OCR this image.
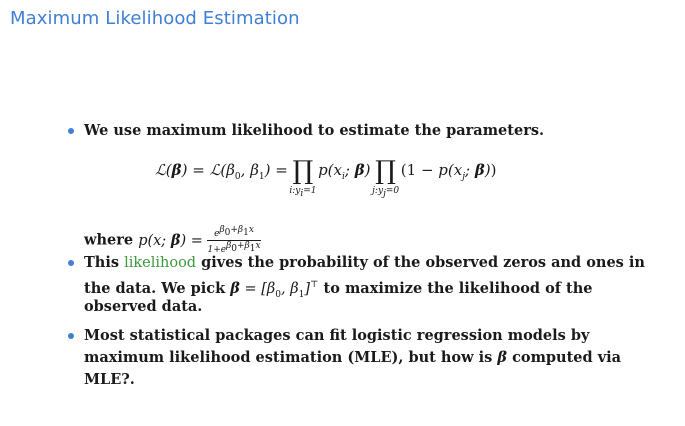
Maximum Likelihood Estimation
We use maximum likelihood to estimate the parameters.
ℒ(β) = $ℒ(\beta_0$, $\beta_1$) = ∏
$i:y_i=1$
$p(x_i$; β) ∏
$j:y_j=0$
($1 - p(x_j$; β))
where p(x; $\beta) = \frac{e^{\beta_0+\beta_1x}}{1+e^{\beta_0+\beta_1x}}$
This likelihood gives the probability of the observed zeros and ones in
the data. We pick $\beta = [\beta_0$, $\beta_1]^⊤$ to maximize the likelihood of the
observed data.
Most statistical packages can fit logistic regression models by
maximum likelihood estimation (MLE), but how is β computed via
MLE?.
